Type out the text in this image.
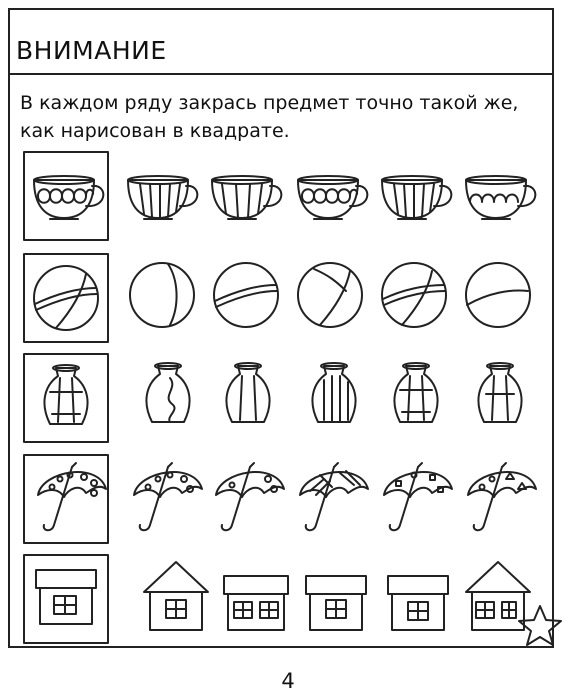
ВНИМАНИЕ

В каждом ряду закрась предмет точно такой же, как нарисован в квадрате.

4
